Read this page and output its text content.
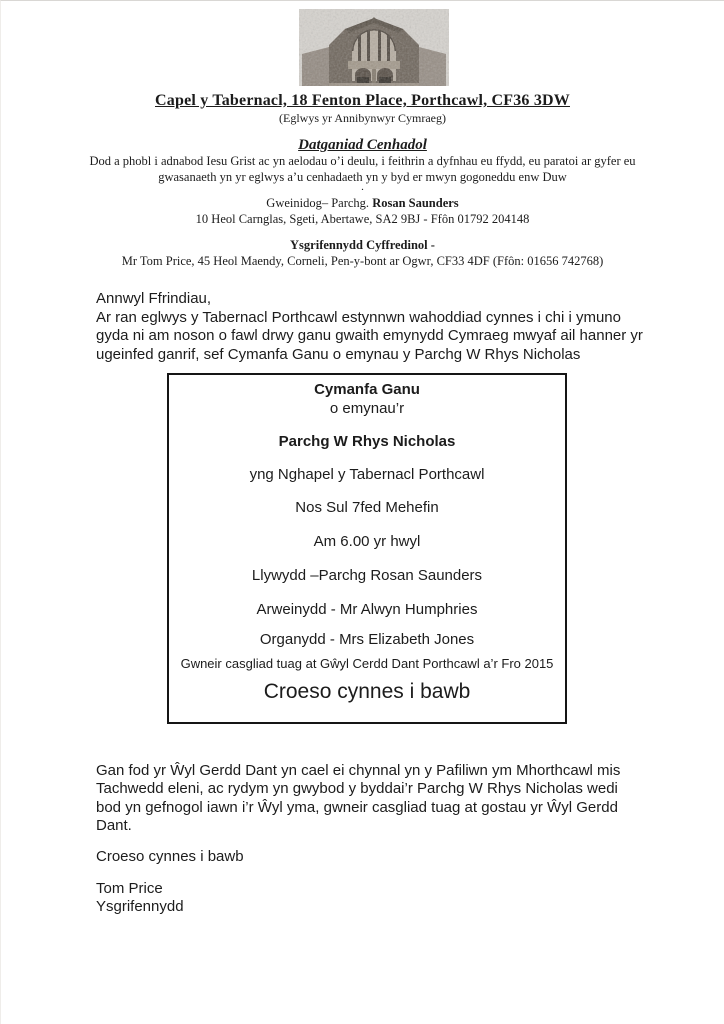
Capel y Tabernacl, 18 Fenton Place, Porthcawl, CF36 3DW
(Eglwys yr Annibynwyr Cymraeg)
Datganiad Cenhadol
Dod a phobl i adnabod Iesu Grist ac yn aelodau o’i deulu, i feithrin a dyfnhau eu ffydd, eu paratoi ar gyfer eu
gwasanaeth yn yr eglwys a’u cenhadaeth yn y byd er mwyn gogoneddu enw Duw
.
Gweinidog– Parchg. Rosan Saunders
10 Heol Carnglas, Sgeti, Abertawe, SA2 9BJ - Ffôn 01792 204148
Ysgrifennydd Cyffredinol -
Mr Tom Price, 45 Heol Maendy, Corneli, Pen-y-bont ar Ogwr, CF33 4DF (Ffôn: 01656 742768)
Annwyl Ffrindiau,
Ar ran eglwys y Tabernacl Porthcawl estynnwn wahoddiad cynnes i chi i ymuno
gyda ni am noson o fawl drwy ganu gwaith emynydd Cymraeg mwyaf ail hanner yr
ugeinfed ganrif, sef Cymanfa Ganu o emynau y Parchg W Rhys Nicholas
Cymanfa Ganu
o emynau’r
Parchg W Rhys Nicholas
yng Nghapel y Tabernacl Porthcawl
Nos Sul 7fed Mehefin
Am 6.00 yr hwyl
Llywydd –Parchg Rosan Saunders
Arweinydd - Mr Alwyn Humphries
Organydd - Mrs Elizabeth Jones
Gwneir casgliad tuag at Gŵyl Cerdd Dant Porthcawl a’r Fro 2015
Croeso cynnes i bawb
Gan fod yr Ŵyl Gerdd Dant yn cael ei chynnal yn y Pafiliwn ym Mhorthcawl mis
Tachwedd eleni, ac rydym yn gwybod y byddai’r Parchg W Rhys Nicholas wedi
bod yn gefnogol iawn i’r Ŵyl yma, gwneir casgliad tuag at gostau yr Ŵyl Gerdd
Dant.
Croeso cynnes i bawb
Tom Price
Ysgrifennydd
